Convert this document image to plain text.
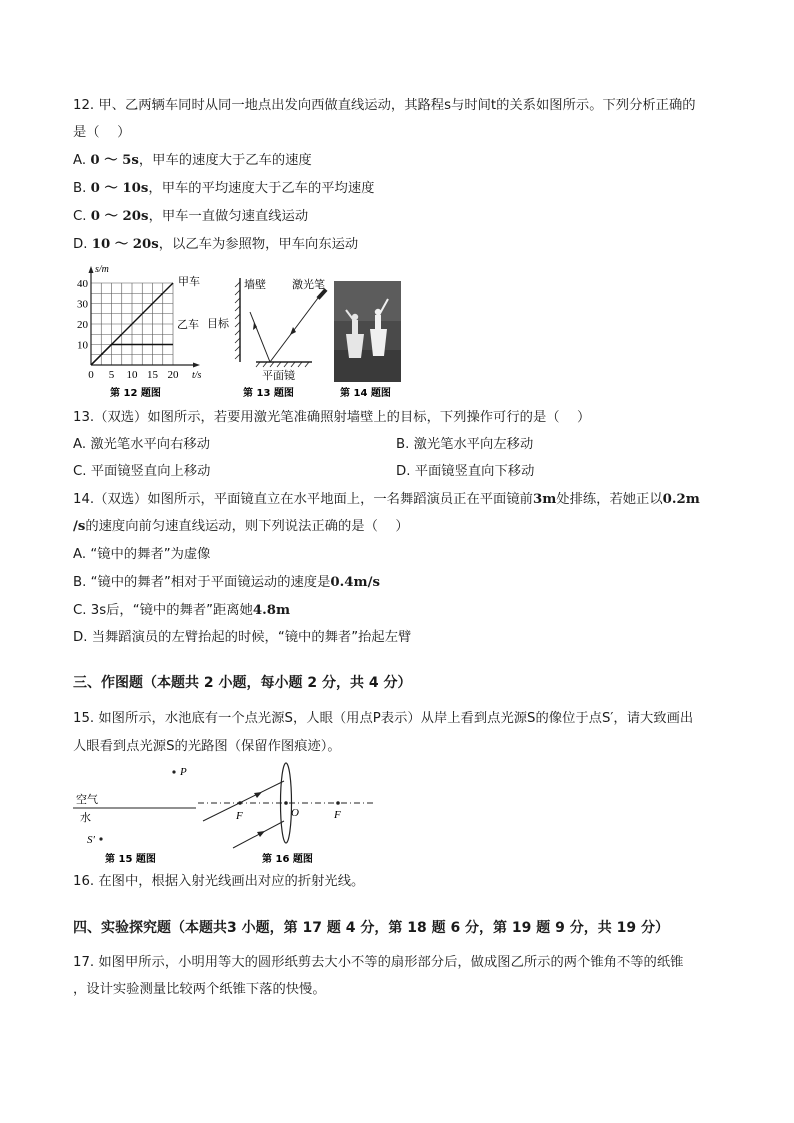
12. 甲、乙两辆车同时从同一地点出发向西做直线运动，其路程s与时间t的关系如图所示。下列分析正确的
是（　 ）
A. 0 ～ 5s，甲车的速度大于乙车的速度
B. 0 ～ 10s，甲车的平均速度大于乙车的平均速度
C. 0 ～ 20s，甲车一直做匀速直线运动
D. 10 ～ 20s，以乙车为参照物，甲车向东运动
s/m
t/s
10
20
30
40
0 5 10 15 20
甲车
乙车
第 12 题图
墙壁
目标
平面镜
激光笔
第 13 题图	第 14 题图
13.（双选）如图所示，若要用激光笔准确照射墙壁上的目标，下列操作可行的是（　 ）
A. 激光笔水平向右移动	B. 激光笔水平向左移动
C. 平面镜竖直向上移动	D. 平面镜竖直向下移动
14.（双选）如图所示，平面镜直立在水平地面上，一名舞蹈演员正在平面镜前3m处排练，若她正以0.2m
/s的速度向前匀速直线运动，则下列说法正确的是（　 ）
A. “镜中的舞者”为虚像
B. “镜中的舞者”相对于平面镜运动的速度是0.4m/s
C. 3s后，“镜中的舞者”距离她4.8m
D. 当舞蹈演员的左臂抬起的时候，“镜中的舞者”抬起左臂
三、作图题（本题共 2 小题，每小题 2 分，共 4 分）
15. 如图所示，水池底有一个点光源S，人眼（用点P表示）从岸上看到点光源S的像位于点S′，请大致画出
人眼看到点光源S的光路图（保留作图痕迹）。
P
空气
水
S′
第 15 题图
F	O	F
第 16 题图
16. 在图中，根据入射光线画出对应的折射光线。
四、实验探究题（本题共3 小题，第 17 题 4 分，第 18 题 6 分，第 19 题 9 分，共 19 分）
17. 如图甲所示，小明用等大的圆形纸剪去大小不等的扇形部分后，做成图乙所示的两个锥角不等的纸锥
，设计实验测量比较两个纸锥下落的快慢。
